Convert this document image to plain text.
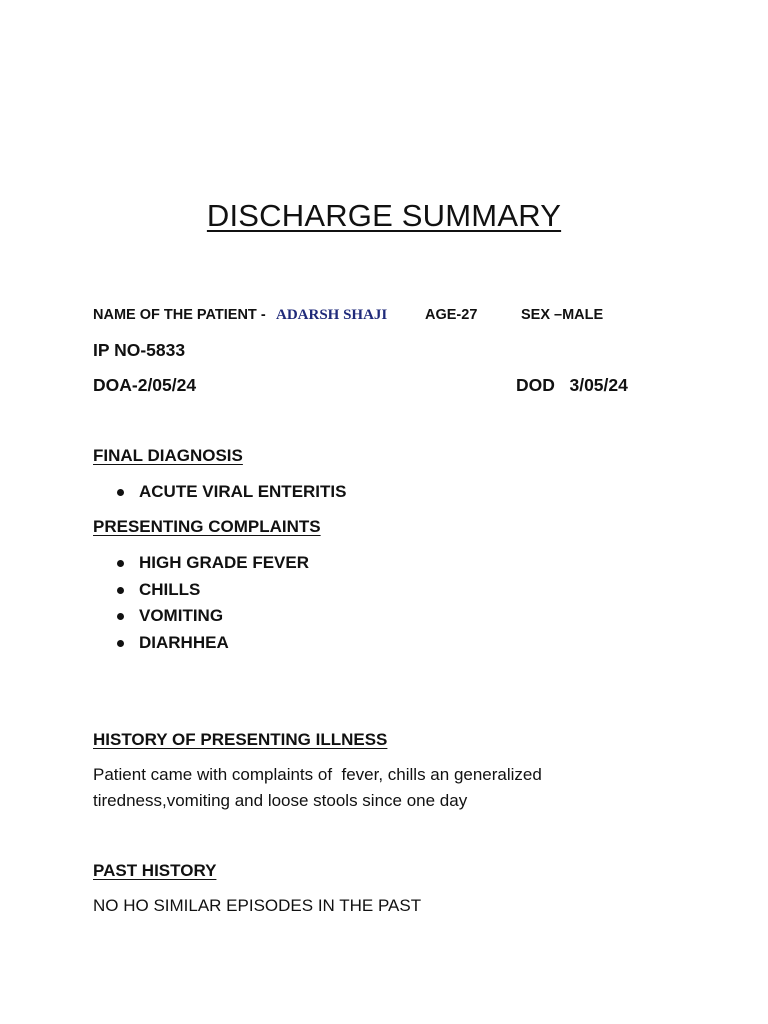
DISCHARGE SUMMARY
NAME OF THE PATIENT - ADARSH SHAJI	AGE-27	SEX –MALE
IP NO-5833
DOA-2/05/24	DOD   3/05/24
FINAL DIAGNOSIS
ACUTE VIRAL ENTERITIS
PRESENTING COMPLAINTS
HIGH GRADE FEVER
CHILLS
VOMITING
DIARHHEA
HISTORY OF PRESENTING ILLNESS
Patient came with complaints of  fever, chills an generalized
tiredness,vomiting and loose stools since one day
PAST HISTORY
NO HO SIMILAR EPISODES IN THE PAST
